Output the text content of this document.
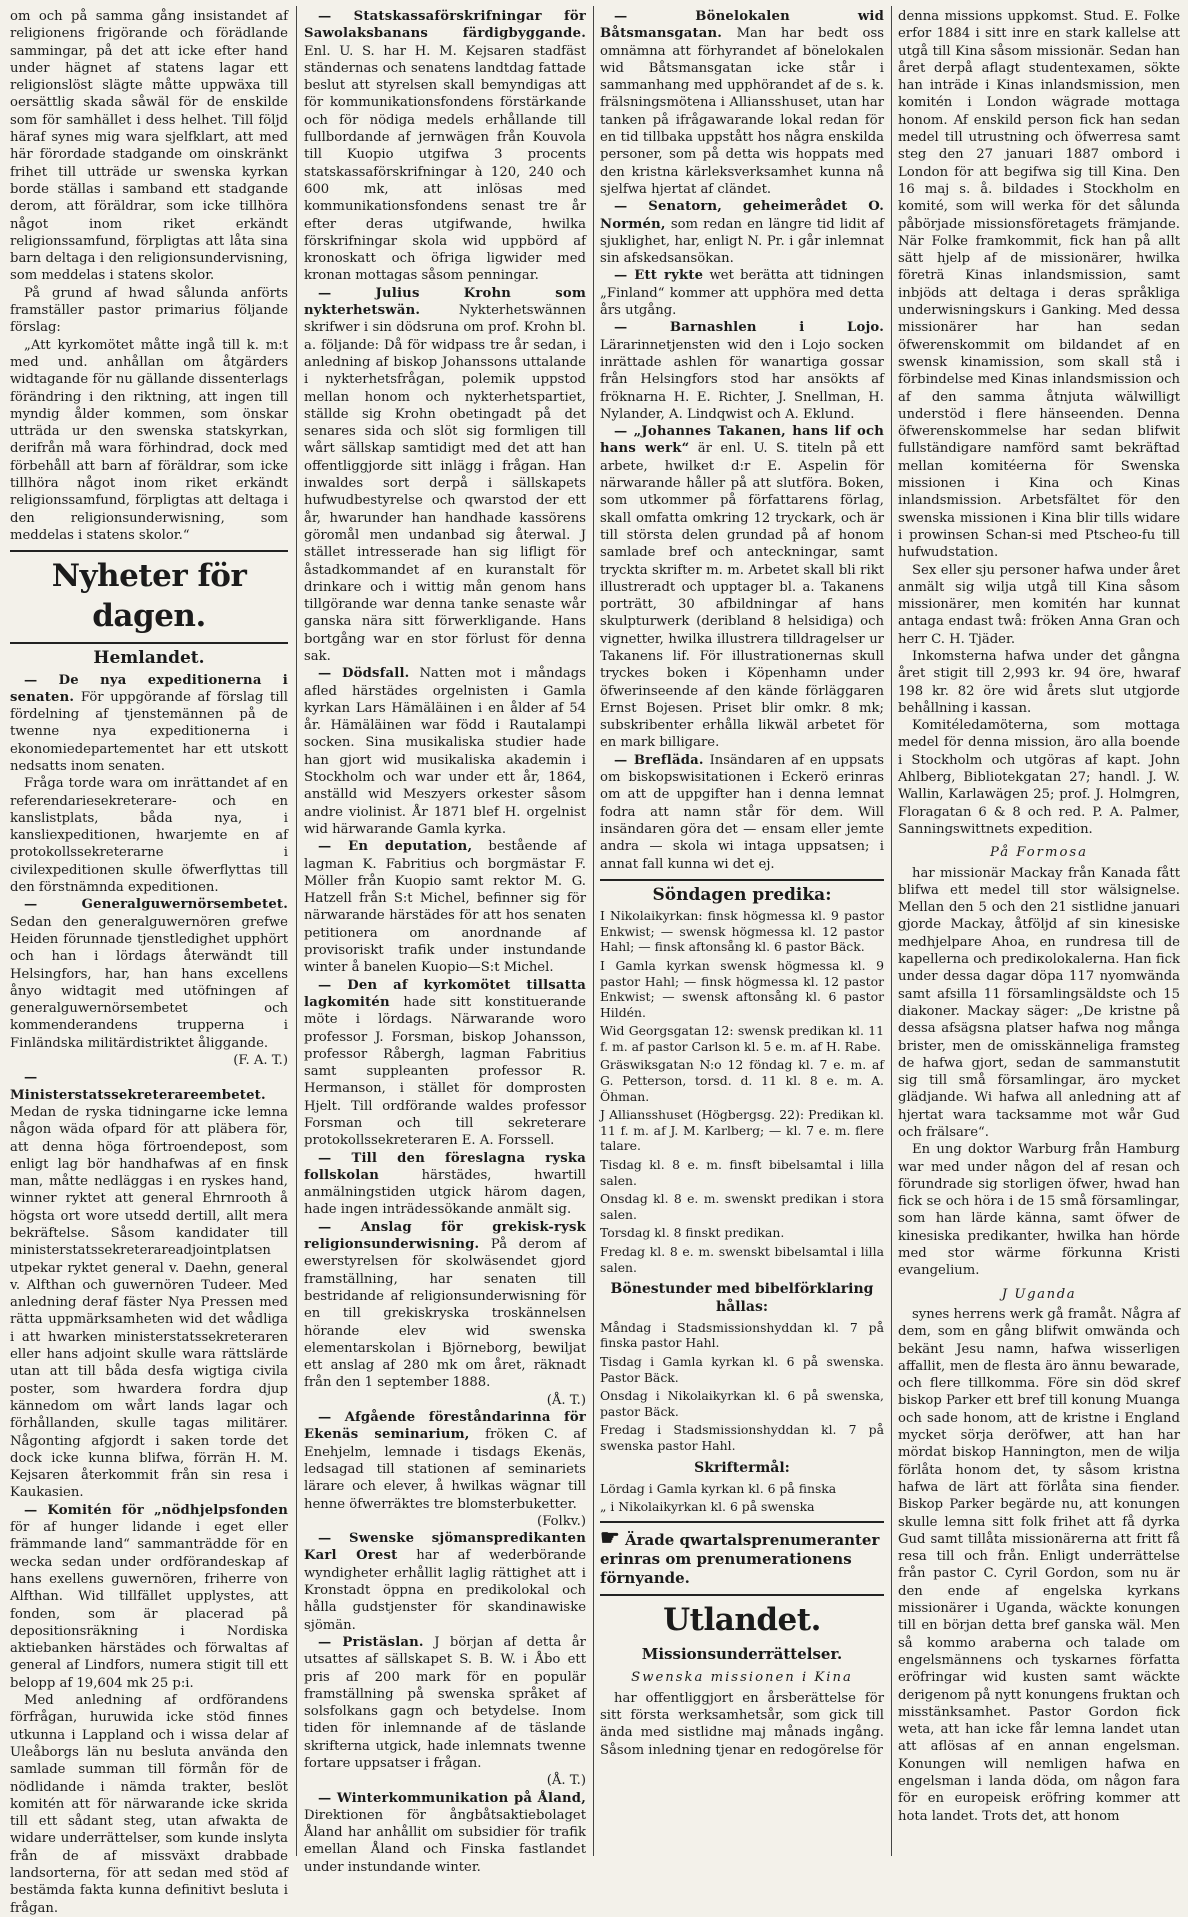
om och på samma gång insistandet af religionens frigörande och förädlande sammingar, på det att icke efter hand under hägnet af statens lagar ett religionslöst slägte måtte uppwäxa till oersättlig skada såwäl för de enskilde som för samhället i dess helhet. Till följd häraf synes mig wara sjelfklart, att med här förordade stadgande om oinskränkt frihet till utträde ur swenska kyrkan borde ställas i samband ett stadgande derom, att föräldrar, som icke tillhöra något inom riket erkändt religionssamfund, förpligtas att låta sina barn deltaga i den religionsundervisning, som meddelas i statens skolor.

På grund af hwad sålunda anförts framställer pastor primarius följande förslag:

„Att kyrkomötet måtte ingå till k. m:t med und. anhållan om åtgärders widtagande för nu gällande dissenterlags förändring i den riktning, att ingen till myndig ålder kommen, som önskar utträda ur den swenska statskyrkan, derifrån må wara förhindrad, dock med förbehåll att barn af föräldrar, som icke tillhöra något inom riket erkändt religionssamfund, förpligtas att deltaga i den religionsunderwisning, som meddelas i statens skolor.“

Nyheter för dagen.
Hemlandet.

— De nya expeditionerna i senaten. För uppgörande af förslag till fördelning af tjenstemännen på de twenne nya expeditionerna i ekonomiedepartementet har ett utskott nedsatts inom senaten.

Fråga torde wara om inrättandet af en referendariesekreterare- och en kanslistplats, båda nya, i kansliexpeditionen, hwarjemte en af protokollssekreterarne i civilexpeditionen skulle öfwerflyttas till den förstnämnda expeditionen.

— Generalguwernörsembetet. Sedan den generalguwernören grefwe Heiden förunnade tjenstledighet upphört och han i lördags återwändt till Helsingfors, har, han hans excellens ånyo widtagit med utöfningen af generalguwernörsembetet och kommenderandens truppernа i Finländska militärdistriktet åliggande.

(F. A. T.)

—Ministerstatssekreterareembetet. Medan de ryska tidningarne icke lemna någon wäda ofpard för att pläbera för, att denna höga förtroendepost, som enligt lag bör handhafwas af en finsk man, måtte nedläggas i en ryskes hand, winner ryktet att general Ehrnrooth å högsta ort wore utsedd dertill, allt mera bekräftelse. Såsom kandidater till ministerstatssekreterareadjointplatsen utpekar ryktet general v. Daehn, general v. Alfthan och guwernören Tudeer. Med anledning deraf fäster Nya Pressen med rätta uppmärksamheten wid det wådliga i att hwarken ministerstatssekreteraren eller hans adjoint skulle wara rättslärde utan att till båda desfa wigtiga civila poster, som hwardera fordra djup kännedom om wårt lands lagar och förhållanden, skulle tagas militärer. Någonting afgjordt i saken torde det dock icke kunna blifwa, förrän H. M. Kejsaren återkommit från sin resa i Kaukasien.

— Komitén för „nödhjelpsfonden för af hunger lidande i eget eller främmande land“ sammanträdde för en wecka sedan under ordförandeskap af hans exellens guwernören, friherre von Alfthan. Wid tillfället upplystes, att fonden, som är placerad på depositionsräkning i Nordiska aktiebanken härstädes och förwaltas af general af Lindfors, numera stigit till ett belopp af 19,604 mk 25 p:i.

Med anledning af ordförandens förfrågan, huruwida icke stöd finnes utkunna i Lappland och i wissa delar af Uleåborgs län nu besluta använda den samlade summan till förmån för de nödlidande i nämda trakter, beslöt komitén att för närwarande icke skrida till ett sådant steg, utan afwakta de widare underrättelser, som kunde inslyta från de af missväxt drabbade landsorterna, för att sedan med stöd af bestämda fakta kunna definitivt besluta i frågan.

— Statskassaförskrifningar för Sawolaksbanans färdigbyggande. Enl. U. S. har H. M. Kejsaren stadfäst ständernas och senatens landtdag fattade beslut att styrelsen skall bemyndigas att för kommunikationsfondens förstärkande och för nödiga medels erhållande till fullbordande af jernwägen från Kouvola till Kuopio utgifwa 3 procents statskassaförskrifningar à 120, 240 och 600 mk, att inlösas med kommunikationsfondens senast tre år efter deras utgifwande, hwilka förskrifningar skola wid uppbörd af kronoskatt och öfriga ligwider med kronan mottagas såsom penningar.

— Julius Krohn som nykterhetswän.	Nykterhetswännen skrifwer i sin dödsruna om prof. Krohn bl. a. följande: Då för widpass tre år sedan, i anledning af biskop Johanssons uttalande i nykterhetsfrågan, polemik uppstod mellan honom och nykterhetspartiet, ställde sig Krohn obetingadt på det senares sida och slöt sig formligen till wårt sällskap samtidigt med det att han offentliggjorde sitt inlägg i frågan. Han inwaldes sort derpå i sällskapets hufwudbestyrelse och qwarstod der ett år, hwarunder han handhade kassörens göromål men undanbad sig återwal. J stället intresserade han sig lifligt för åstadkommandet af en kuranstalt för drinkare och i wittig mån genom hans tillgörande war denna tanke senaste wår ganska nära sitt förwerkligande. Hans bortgång war en stor förlust för denna sak.

— Dödsfall. Natten mot i måndags afled härstädes orgelnisten i Gamla kyrkan Lars Hämäläinen i en ålder af 54 år. Hämäläinen war född i Rautalampi socken. Sina musikaliska studier hade han gjort wid musikaliska akademin i Stockholm och war under ett år, 1864, anställd wid Meszyers orkester såsom andre violinist. År 1871 blef H. orgelnist wid härwarande Gamla kyrka.

— En deputation, bestående af lagman K. Fabritius och borgmästar F. Möller från Kuopio samt rektor M. G. Hatzell från S:t Michel, befinner sig för närwarande härstädes för att hos senaten petitionera om anordnande af provisoriskt trafik under instundande winter å banelen Kuopio—S:t Michel.

— Den af kyrkomötet tillsatta lagkomitén hade sitt konstituerande möte i lördags. Närwarande woro professor J. Forsman, biskop Johansson, professor Råbergh, lagman Fabritius samt suppleanten professor R. Hermanson, i stället för domprosten Hjelt. Till ordförande waldes professor Forsman och till sekreterare protokollssekreteraren E. A. Forssell.

— Till den föreslagna ryska follskolan	härstädes, hwartill anmälningstiden utgick härom dagen, hade ingen inträdessökande anmält sig.

— Anslag för grekisk-rysk religionsunderwisning. På derom af ewerstyrelsen för skolwäsendet gjord framställning, har senaten till bestridande af religionsunderwisning för en till grekiskryska troskännelsen hörande elev wid swenska elementarskolan i Björneborg, bewiljat ett anslag af 280 mk om året, räknadt från den 1 september 1888.

(Å. T.)

— Afgående föreståndarinna för Ekenäs seminarium, fröken C. af Enehjelm, lemnade i tisdags Ekenäs, ledsagad till stationen af seminariets lärare och elever, å hwilkas wägnar till henne öfwerräktes tre blomsterbuketter.

(Folkv.)

— Swenske sjömanspredikanten Karl Orest har af wederbörande wyndigheter erhållit laglig rättighet att i Kronstadt öppna en predikolokal och hålla gudstjenster för skandinawiske sjömän.

— Pristäslan. J början af detta år utsattes af sällskapet S. B. W. i Åbo ett pris af 200 mark för en populär framställning på swenska språket af solsfolkans gagn och betydelse. Inom tiden för inlemnande af de täslande skrifterna utgick, hade inlemnats twenne fortare uppsatser i frågan.

(Å. T.)

— Winterkommunikation på Åland, Direktionen för ångbåtsaktiebolaget Åland har anhållit om subsidier för trafik emellan Åland och Finska fastlandet under instundande winter.

— Bönelokalen wid Båtsmansgatan. Man har bedt oss omnämna att förhyrandet af bönelokalen wid Båtsmansgatan icke står i sammanhang med upphörandet af de s. k. frälsningsmötena i Alliansshuset, utan har tanken på ifrågawarande lokal redan för en tid tillbaka uppstått hos några enskilda personer, som på detta wis hoppats med den kristna kärleksverksamhet kunna nå sjelfwa hjertat af cländet.

— Senatorn, geheimerådet O. Normén, som redan en längre tid lidit af sjuklighet, har, enligt N. Pr. i går inlemnat sin afskedsansökan.

— Ett rykte wet berätta att tidningen „Finland“ kommer att upphöra med detta års utgång.

— Barnashlen i Lojo. Lärarinnetjensten wid den i Lojo socken inrättade ashlen för wanartiga gossar från Helsingfors stod har ansökts af fröknarna H. E. Richter, J. Snellman, H. Nylander, A. Lindqwist och A. Eklund.

— „Johannes Takanen, hans lif och hans werk“ är enl. U. S. titeln på ett arbete, hwilket d:r E. Aspelin för närwarande håller på att slutföra. Boken, som utkommer på författarens förlag, skall omfatta omkring 12 tryckark, och är till största delen grundad på af honom samlade bref och anteckningar, samt tryckta skrifter m. m. Arbetet skall bli rikt illustreradt och upptager bl. a. Takanens porträtt, 30 afbildningar af hans skulpturwerk (deribland 8 helsidiga) och vignetter, hwilka illustrera tilldragelser ur Takanens lif. För illustrationernas skull tryckes boken i Köpenhamn under öfwerinseende af den kände förläggaren Ernst Bojesen. Priset blir omkr. 8 mk; subskribenter erhålla likwäl arbetet för en mark billigare.

— Brefläda. Insändaren af en uppsats om biskopswisitationen i Eckerö erinras om att de uppgifter han i denna lemnat fodra att namn står för dem. Will insändaren göra det — ensam eller jemte andra — skola wi intaga uppsatsen; i annat fall kunna wi det ej.

Söndagen predika:

I Nikolaikyrkan: finsk högmessa kl. 9 pastor Enkwist; — swensk högmessa kl. 12 pastor Hahl; — finsk aftonsång kl. 6 pastor Bäck.

I Gamla kyrkan swensk högmessa kl. 9 pastor Hahl; — finsk högmessa kl. 12 pastor Enkwist; — swensk aftonsång kl. 6 pastor Hildén.

Wid Georgsgatan 12: swensk predikan kl. 11 f. m. af pastor Carlson kl. 5 e. m. af H. Rabe.

Gräswiksgatan N:o 12 föndag kl. 7 e. m. af G. Petterson, torsd. d. 11 kl. 8 e. m. A. Öhman.

J Alliansshuset (Högbergsg. 22): Predikan kl. 11 f. m. af J. M. Karlberg; — kl. 7 e. m. flere talare.

Tisdag kl. 8 e. m. finsft bibelsamtal i lilla salen.

Onsdag kl. 8 e. m. swenskt predikan i stora salen.

Torsdag kl. 8 finskt predikan.

Fredag kl. 8 e. m. swenskt bibelsamtal i lilla salen.

Bönestunder med bibelförklaring hållas:

Måndag i Stadsmissionshyddan kl. 7 på finska pastor Hahl.

Tisdag i Gamla kyrkan kl. 6 på swenska. Pastor Bäck.

Onsdag i Nikolaikyrkan kl. 6 på swenska, pastor Bäck.

Fredag i Stadsmissionshyddan kl. 7 på swenska pastor Hahl.

Skriftermål:

Lördag i Gamla kyrkan kl. 6 på finska

„ i Nikolaikyrkan kl. 6 på swenska

☛ Ärade qwartalsprenumeranter erinras om prenumerationens förnyande.
Utlandet.
Missionsunderrättelser.
Swenska missionen i Kina

har offentliggjort en årsberättelse för sitt första werksamhetsår, som gick till ända med sistlidne maj månads ingång. Såsom inledning tjenar en redogörelse för

denna missions uppkomst. Stud. E. Folke erfor 1884 i sitt inre en stark kallelse att utgå till Kina såsom missionär. Sedan han året derpå aflagt studentexamen, sökte han inträde i Kinas inlandsmission, men komitén i London wägrade mottaga honom. Af enskild person fick han sedan medel till utrustning och öfwerresa samt steg den 27 januari 1887 ombord i London för att begifwa sig till Kina. Den 16 maj s. å. bildades i Stockholm en komité, som will werka för det sålunda påbörjade missionsföretagets främjande. När Folke framkommit, fick han på allt sätt hjelp af de missionärer, hwilka företrä Kinas inlandsmission, samt inbjöds att deltaga i deras språkliga underwisningskurs i Ganking. Med dessa missionärer har han sedan öfwerenskommit om bildandet af en swensk kinamission, som skall stå i förbindelse med Kinas inlandsmission och af den samma åtnjuta wälwilligt understöd i flere hänseenden. Denna öfwerenskommelse har sedan blifwit fullständigare namförd samt bekräftad mellan komitéerna för Swenska missionen i Kina och Kinas inlandsmission. Arbetsfältet för den swenska missionen i Kina blir tills widare i prowinsen Schan-si med Ptscheo-fu till hufwudstation.

Sex eller sju personer hafwa under året anmält sig wilja utgå till Kina såsom missionärer, men komitén har kunnat antaga endast twå: fröken Anna Gran och herr C. H. Tjäder.

Inkomsterna hafwa under det gångna året stigit till 2,993 kr. 94 öre, hwaraf 198 kr. 82 öre wid årets slut utgjorde behållning i kassan.

Komitéledamöterna, som mottaga medel för denna mission, äro alla boende i Stockholm och utgöras af kapt. John Ahlberg, Bibliotekgatan 27; handl. J. W. Wallin, Karlawägen 25; prof. J. Holmgren, Floragatan 6 & 8 och red. P. A. Palmer, Sanningswittnets expedition.

På Formosa

har missionär Mackay från Kanada fått blifwa ett medel till stor wälsignelse. Mellan den 5 och den 21 sistlidne januari gjorde Mackay, åtföljd af sin kinesiske medhjelpare Ahoa, en rundresa till de kapellerna och prediкolokalerna. Han fick under dessa dagar döpa 117 nyomwända samt afsilla 11 församlingsäldste och 15 diakoner. Mackay säger: „De kristne på dessa afsägsna platser hafwa nog många brister, men de omisskänneliga framsteg de hafwa gjort, sedan de sammanstutit sig till små församlingar, äro mycket glädjande. Wi hafwa all anledning att af hjertat wara tacksamme mot wår Gud och frälsare“.

En ung doktor Warburg från Hamburg war med under någon del af resan och förundrade sig storligen öfwer, hwad han fick se och höra i de 15 små församlingar, som han lärde känna, samt öfwer de kinesiska predikanter, hwilka han hörde med stor wärme förkunna Kristi evangelium.

J Uganda

synes herrens werk gå framåt. Några af dem, som en gång blifwit omwända och bekänt Jesu namn, hafwa wisserligen affallit, men de flesta äro ännu bewarade, och flere tillkomma. Före sin död skref biskop Parker ett bref till konung Muanga och sade honom, att de kristne i England mycket sörja deröfwer, att han har mördat biskop Hannington, men de wilja förlåta honom det, ty såsom kristna hafwa de lärt att förlåta sina fiender. Biskop Parker begärde nu, att konungen skulle lemna sitt folk frihet att få dyrka Gud samt tillåta missionärerna att fritt få resa till och från. Enligt underrättelse från pastor C. Cyril Gordon, som nu är den ende af engelska kyrkans missionärer i Uganda, wäckte konungen till en början detta bref ganska wäl. Men så kommo araberna och talade om engelsmännens och tyskarnes författa eröfringar wid kusten samt wäckte derigenom på nytt konungens fruktan och misstänksamhet. Pastor Gordon fick weta, att han icke får lemna landet utan att aflösas af en annan engelsman. Konungen will nemligen hafwa en engelsman i landa döda, om någon fara för en europeisk eröfring kommer att hota landet. Trots det, att honom
